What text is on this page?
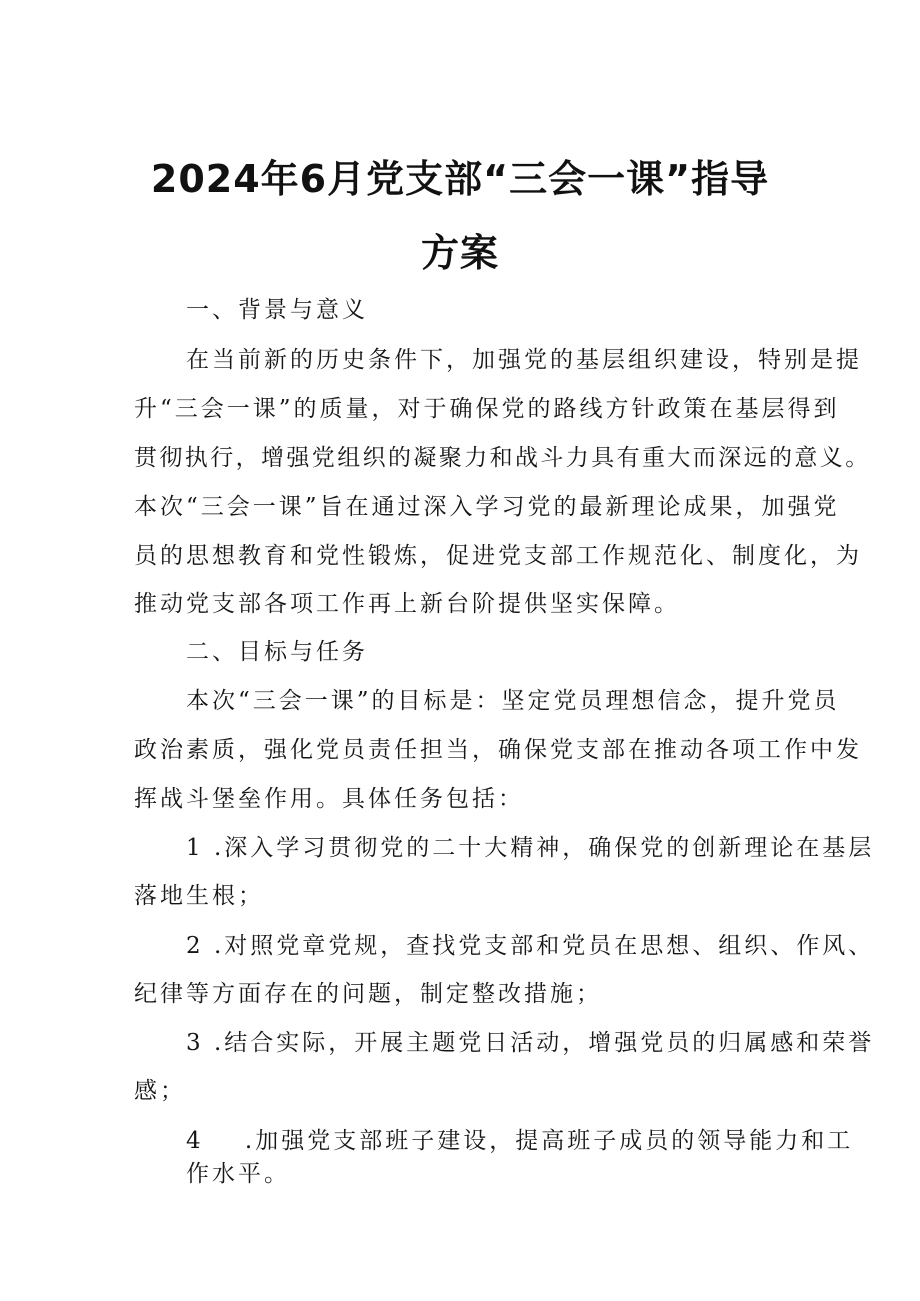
2024年6月党支部“三会一课”指导
方案
一、背景与意义
在当前新的历史条件下，加强党的基层组织建设，特别是提
升“三会一课”的质量，对于确保党的路线方针政策在基层得到
贯彻执行，增强党组织的凝聚力和战斗力具有重大而深远的意义。
本次“三会一课”旨在通过深入学习党的最新理论成果，加强党
员的思想教育和党性锻炼，促进党支部工作规范化、制度化，为
推动党支部各项工作再上新台阶提供坚实保障。
二、目标与任务
本次“三会一课”的目标是：坚定党员理想信念，提升党员
政治素质，强化党员责任担当，确保党支部在推动各项工作中发
挥战斗堡垒作用。具体任务包括：
1 .深入学习贯彻党的二十大精神，确保党的创新理论在基层
落地生根；
2 .对照党章党规，查找党支部和党员在思想、组织、作风、
纪律等方面存在的问题，制定整改措施；
3 .结合实际，开展主题党日活动，增强党员的归属感和荣誉
感；
4    .加强党支部班子建设，提高班子成员的领导能力和工
作水平。
